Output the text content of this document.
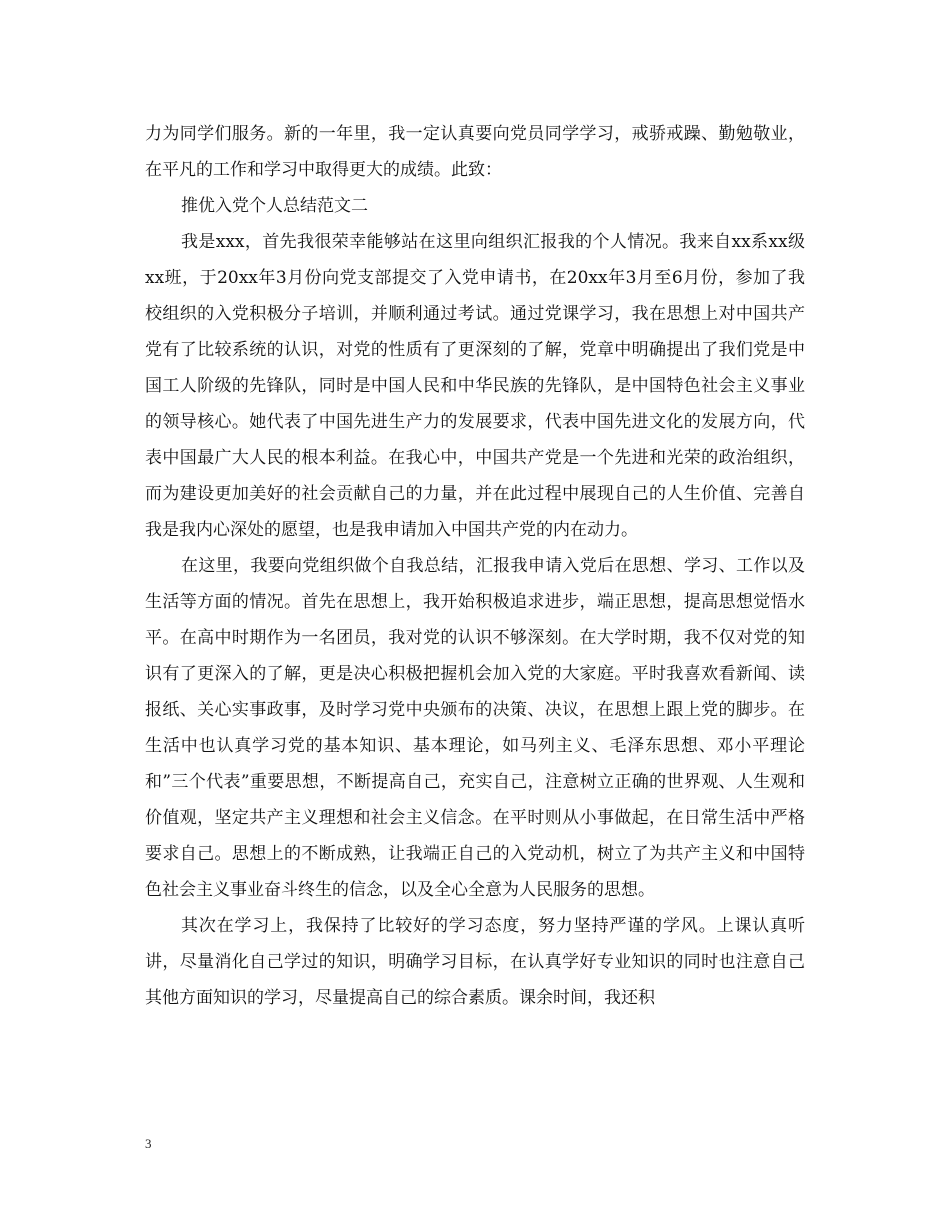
力为同学们服务。新的一年里，我一定认真要向党员同学学习，戒骄戒躁、勤勉敬业，在平凡的工作和学习中取得更大的成绩。此致：

推优入党个人总结范文二

我是xxx，首先我很荣幸能够站在这里向组织汇报我的个人情况。我来自xx系xx级xx班，于20xx年3月份向党支部提交了入党申请书，在20xx年3月至6月份，参加了我校组织的入党积极分子培训，并顺利通过考试。通过党课学习，我在思想上对中国共产党有了比较系统的认识，对党的性质有了更深刻的了解，党章中明确提出了我们党是中国工人阶级的先锋队，同时是中国人民和中华民族的先锋队，是中国特色社会主义事业的领导核心。她代表了中国先进生产力的发展要求，代表中国先进文化的发展方向，代表中国最广大人民的根本利益。在我心中，中国共产党是一个先进和光荣的政治组织，而为建设更加美好的社会贡献自己的力量，并在此过程中展现自己的人生价值、完善自我是我内心深处的愿望，也是我申请加入中国共产党的内在动力。

在这里，我要向党组织做个自我总结，汇报我申请入党后在思想、学习、工作以及生活等方面的情况。首先在思想上，我开始积极追求进步，端正思想，提高思想觉悟水平。在高中时期作为一名团员，我对党的认识不够深刻。在大学时期，我不仅对党的知识有了更深入的了解，更是决心积极把握机会加入党的大家庭。平时我喜欢看新闻、读报纸、关心实事政事，及时学习党中央颁布的决策、决议，在思想上跟上党的脚步。在生活中也认真学习党的基本知识、基本理论，如马列主义、毛泽东思想、邓小平理论和”三个代表”重要思想，不断提高自己，充实自己，注意树立正确的世界观、人生观和价值观，坚定共产主义理想和社会主义信念。在平时则从小事做起，在日常生活中严格要求自己。思想上的不断成熟，让我端正自己的入党动机，树立了为共产主义和中国特色社会主义事业奋斗终生的信念，以及全心全意为人民服务的思想。

其次在学习上，我保持了比较好的学习态度，努力坚持严谨的学风。上课认真听讲，尽量消化自己学过的知识，明确学习目标，在认真学好专业知识的同时也注意自己其他方面知识的学习，尽量提高自己的综合素质。课余时间，我还积

3
